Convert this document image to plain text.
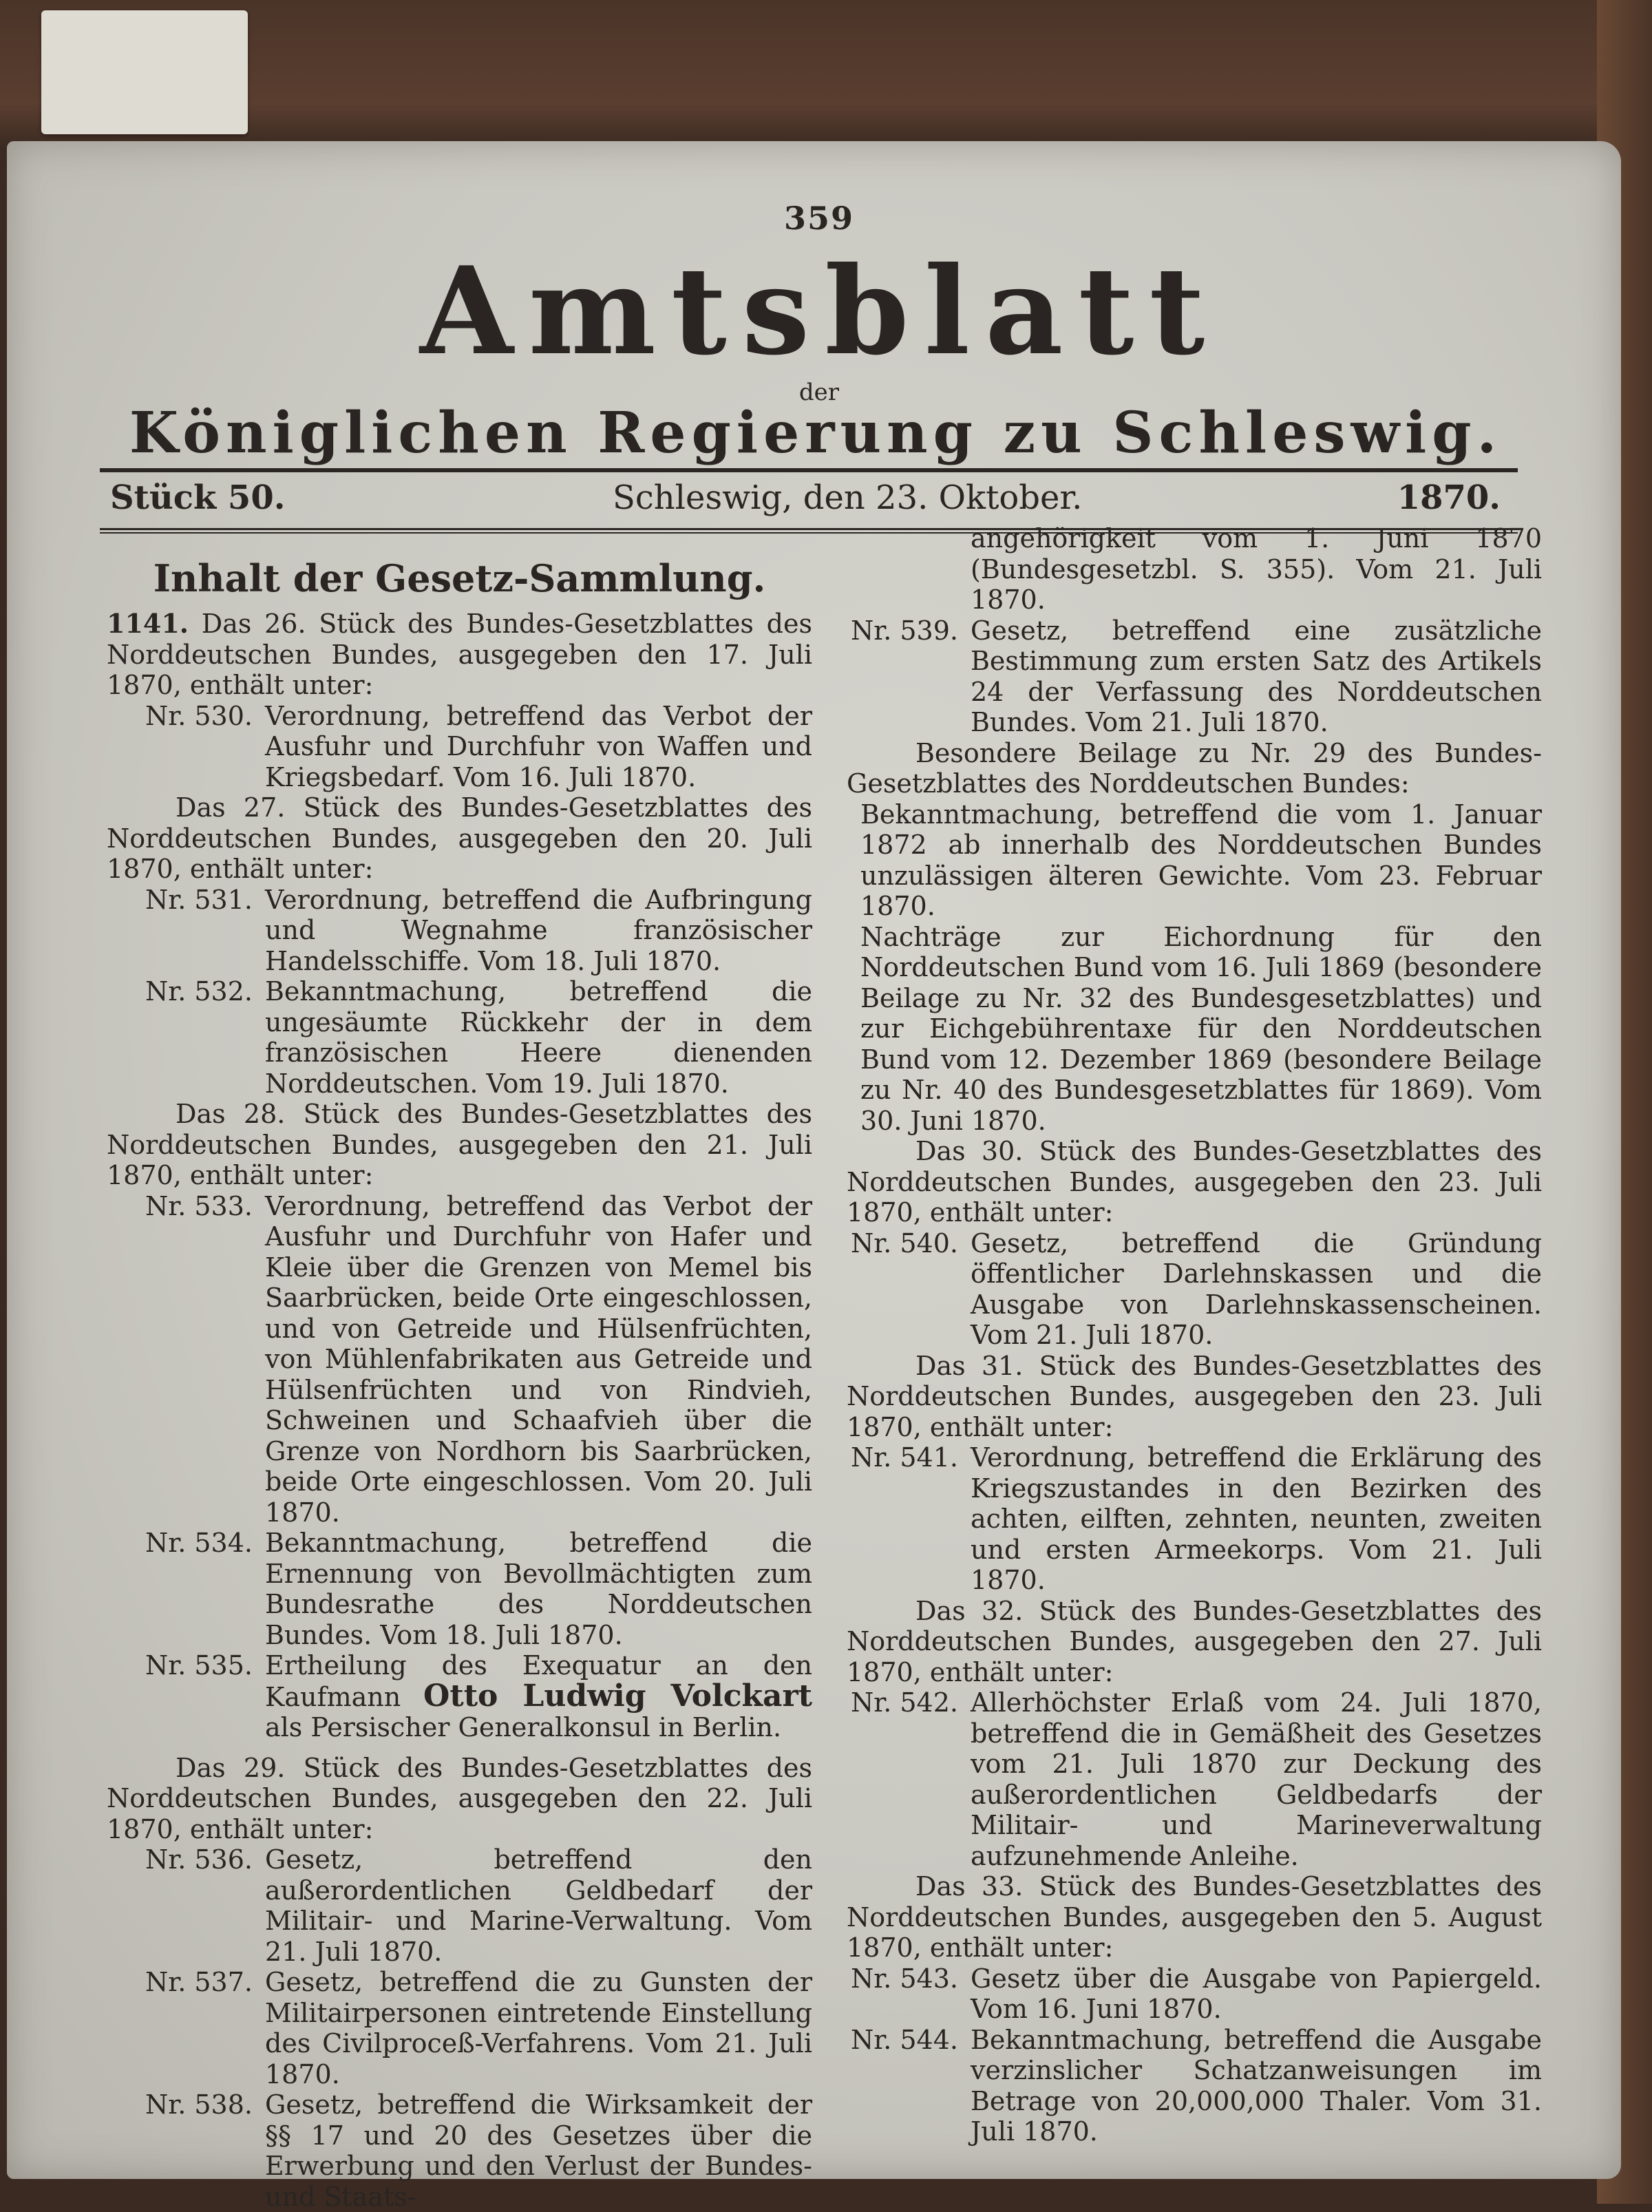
359
Amtsblatt
der
Königlichen Regierung zu Schleswig.
Stück 50.	Schleswig, den 23. Oktober.	1870.
Inhalt der Gesetz-Sammlung.

1141. Das 26. Stück des Bundes-Gesetzblattes des Norddeutschen Bundes, ausgegeben den 17. Juli 1870, enthält unter:

Nr. 530. Verordnung, betreffend das Verbot der Ausfuhr und Durchfuhr von Waffen und Kriegsbedarf. Vom 16. Juli 1870.

Das 27. Stück des Bundes-Gesetzblattes des Norddeutschen Bundes, ausgegeben den 20. Juli 1870, enthält unter:

Nr. 531. Verordnung, betreffend die Aufbringung und Wegnahme französischer Handelsschiffe. Vom 18. Juli 1870.
Nr. 532. Bekanntmachung, betreffend die ungesäumte Rückkehr der in dem französischen Heere dienenden Norddeutschen. Vom 19. Juli 1870.

Das 28. Stück des Bundes-Gesetzblattes des Norddeutschen Bundes, ausgegeben den 21. Juli 1870, enthält unter:

Nr. 533. Verordnung, betreffend das Verbot der Ausfuhr und Durchfuhr von Hafer und Kleie über die Grenzen von Memel bis Saarbrücken, beide Orte eingeschlossen, und von Getreide und Hülsenfrüchten, von Mühlenfabrikaten aus Getreide und Hülsenfrüchten und von Rindvieh, Schweinen und Schaafvieh über die Grenze von Nordhorn bis Saarbrücken, beide Orte eingeschlossen. Vom 20. Juli 1870.
Nr. 534. Bekanntmachung, betreffend die Ernennung von Bevollmächtigten zum Bundesrathe des Norddeutschen Bundes. Vom 18. Juli 1870.
Nr. 535. Ertheilung des Exequatur an den Kaufmann Otto Ludwig Volckart als Persischer Generalkonsul in Berlin.

Das 29. Stück des Bundes-Gesetzblattes des Norddeutschen Bundes, ausgegeben den 22. Juli 1870, enthält unter:

Nr. 536. Gesetz, betreffend den außerordentlichen Geldbedarf der Militair- und Marine-Verwaltung. Vom 21. Juli 1870.
Nr. 537. Gesetz, betreffend die zu Gunsten der Militairpersonen eintretende Einstellung des Civilproceß-Verfahrens. Vom 21. Juli 1870.
Nr. 538. Gesetz, betreffend die Wirksamkeit der §§ 17 und 20 des Gesetzes über die Erwerbung und den Verlust der Bundes- und Staats-

angehörigkeit vom 1. Juni 1870 (Bundesgesetzbl. S. 355). Vom 21. Juli 1870.

Nr. 539. Gesetz, betreffend eine zusätzliche Bestimmung zum ersten Satz des Artikels 24 der Verfassung des Norddeutschen Bundes. Vom 21. Juli 1870.

Besondere Beilage zu Nr. 29 des Bundes-Gesetzblattes des Norddeutschen Bundes:

Bekanntmachung, betreffend die vom 1. Januar 1872 ab innerhalb des Norddeutschen Bundes unzulässigen älteren Gewichte. Vom 23. Februar 1870.
Nachträge zur Eichordnung für den Norddeutschen Bund vom 16. Juli 1869 (besondere Beilage zu Nr. 32 des Bundesgesetzblattes) und zur Eichgebührentaxe für den Norddeutschen Bund vom 12. Dezember 1869 (besondere Beilage zu Nr. 40 des Bundesgesetzblattes für 1869). Vom 30. Juni 1870.

Das 30. Stück des Bundes-Gesetzblattes des Norddeutschen Bundes, ausgegeben den 23. Juli 1870, enthält unter:

Nr. 540. Gesetz, betreffend die Gründung öffentlicher Darlehnskassen und die Ausgabe von Darlehnskassenscheinen. Vom 21. Juli 1870.

Das 31. Stück des Bundes-Gesetzblattes des Norddeutschen Bundes, ausgegeben den 23. Juli 1870, enthält unter:

Nr. 541. Verordnung, betreffend die Erklärung des Kriegszustandes in den Bezirken des achten, eilften, zehnten, neunten, zweiten und ersten Armeekorps. Vom 21. Juli 1870.

Das 32. Stück des Bundes-Gesetzblattes des Norddeutschen Bundes, ausgegeben den 27. Juli 1870, enthält unter:

Nr. 542. Allerhöchster Erlaß vom 24. Juli 1870, betreffend die in Gemäßheit des Gesetzes vom 21. Juli 1870 zur Deckung des außerordentlichen Geldbedarfs der Militair- und Marineverwaltung aufzunehmende Anleihe.

Das 33. Stück des Bundes-Gesetzblattes des Norddeutschen Bundes, ausgegeben den 5. August 1870, enthält unter:

Nr. 543. Gesetz über die Ausgabe von Papiergeld. Vom 16. Juni 1870.
Nr. 544. Bekanntmachung, betreffend die Ausgabe verzinslicher Schatzanweisungen im Betrage von 20,000,000 Thaler. Vom 31. Juli 1870.
